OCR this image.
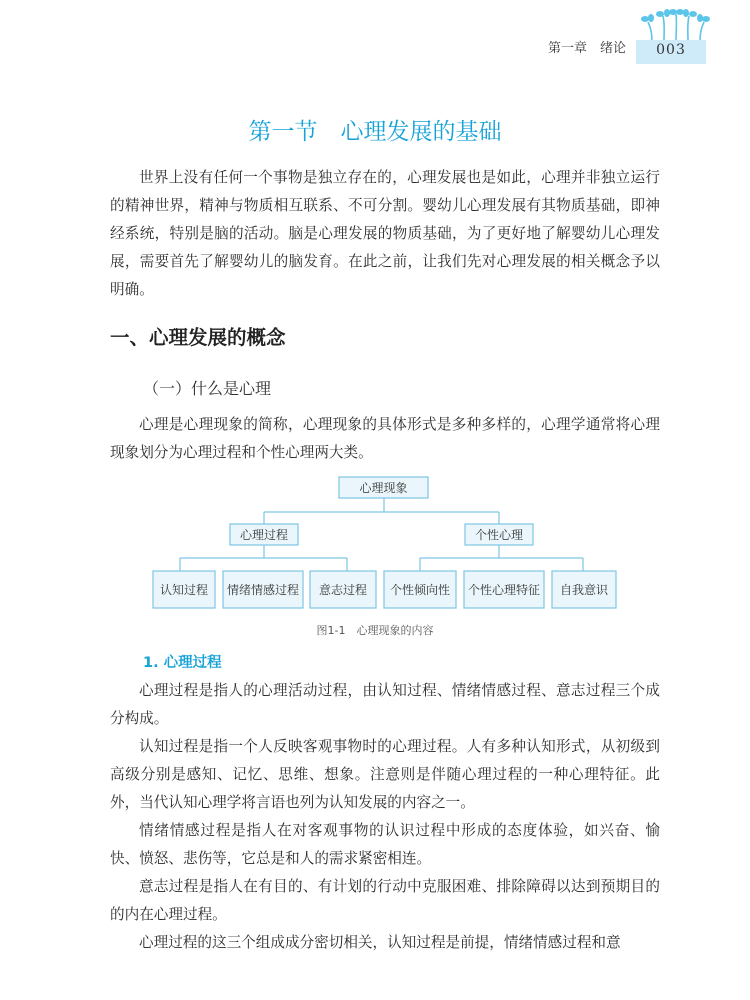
第一章　绪论	003
第一节　心理发展的基础

世界上没有任何一个事物是独立存在的，心理发展也是如此，心理并非独立运行的精神世界，精神与物质相互联系、不可分割。婴幼儿心理发展有其物质基础，即神经系统，特别是脑的活动。脑是心理发展的物质基础，为了更好地了解婴幼儿心理发展，需要首先了解婴幼儿的脑发育。在此之前，让我们先对心理发展的相关概念予以明确。

一、心理发展的概念
（一）什么是心理

心理是心理现象的简称，心理现象的具体形式是多种多样的，心理学通常将心理现象划分为心理过程和个性心理两大类。

心理现象
心理过程
认知过程 情绪情感过程 意志过程
个性心理
个性倾向性 个性心理特征 自我意识
图1-1　心理现象的内容
1. 心理过程

心理过程是指人的心理活动过程，由认知过程、情绪情感过程、意志过程三个成分构成。

认知过程是指一个人反映客观事物时的心理过程。人有多种认知形式，从初级到高级分别是感知、记忆、思维、想象。注意则是伴随心理过程的一种心理特征。此外，当代认知心理学将言语也列为认知发展的内容之一。

情绪情感过程是指人在对客观事物的认识过程中形成的态度体验，如兴奋、愉快、愤怒、悲伤等，它总是和人的需求紧密相连。

意志过程是指人在有目的、有计划的行动中克服困难、排除障碍以达到预期目的的内在心理过程。

心理过程的这三个组成成分密切相关，认知过程是前提，情绪情感过程和意
